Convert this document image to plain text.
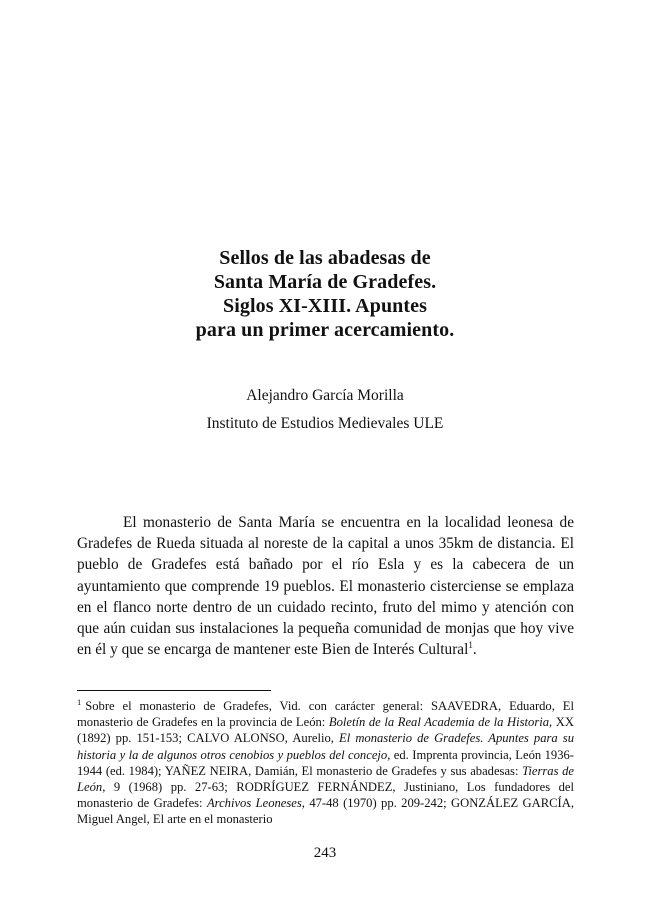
Sellos de las abadesas de
Santa María de Gradefes.
Siglos XI-XIII. Apuntes
para un primer acercamiento.
Alejandro García Morilla
Instituto de Estudios Medievales ULE

El monasterio de Santa María se encuentra en la localidad leonesa de Gradefes de Rueda situada al noreste de la capital a unos 35km de distancia. El pueblo de Gradefes está bañado por el río Esla y es la cabecera de un ayuntamiento que comprende 19 pueblos. El monasterio cisterciense se emplaza en el flanco norte dentro de un cuidado recinto, fruto del mimo y atención con que aún cuidan sus instalaciones la pequeña comunidad de monjas que hoy vive en él y que se encarga de mantener este Bien de Interés Cultural$^1$.

$^1$ Sobre el monasterio de Gradefes, Vid. con carácter general: SAAVEDRA, Eduardo, El monasterio de Gradefes en la provincia de León: Boletín de la Real Academia de la Historia, XX (1892) pp. 151-153; CALVO ALONSO, Aurelio, El monasterio de Gradefes. Apuntes para su historia y la de algunos otros cenobios y pueblos del concejo, ed. Imprenta provincia, León 1936-1944 (ed. 1984); YAÑEZ NEIRA, Damián, El monasterio de Gradefes y sus abadesas: Tierras de León, 9 (1968) pp. 27-63; RODRÍGUEZ FERNÁNDEZ, Justiniano, Los fundadores del monasterio de Gradefes: Archivos Leoneses, 47-48 (1970) pp. 209-242; GONZÁLEZ GARCÍA, Miguel Angel, El arte en el monasterio

243
